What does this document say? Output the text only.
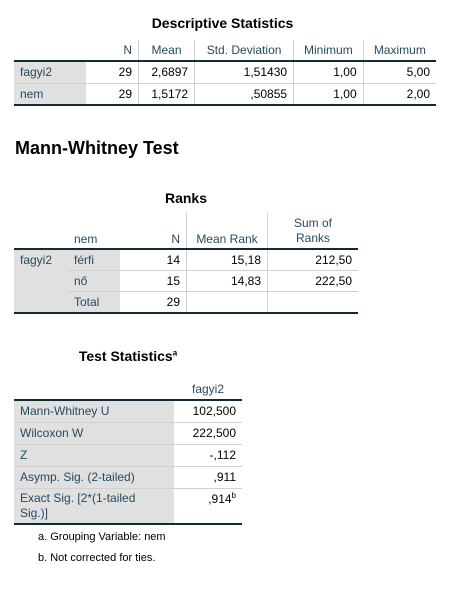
Descriptive Statistics
	N	Mean	Std. Deviation	Minimum	Maximum
fagyi2	29	2,6897	1,51430	1,00	5,00
nem	29	1,5172	,50855	1,00	2,00
Mann-Whitney Test
Ranks
	nem	N	Mean Rank	Sum of
Ranks
fagyi2	férfi	14	15,18	212,50
	nő	15	14,83	222,50
	Total	29		
Test Statistics$^a$
	fagyi2
Mann-Whitney U	102,500
Wilcoxon W	222,500
Z	-,112
Asymp. Sig. (2-tailed)	,911
Exact Sig. [2*(1-tailed
Sig.)]	,914$^b$
a. Grouping Variable: nem
b. Not corrected for ties.
